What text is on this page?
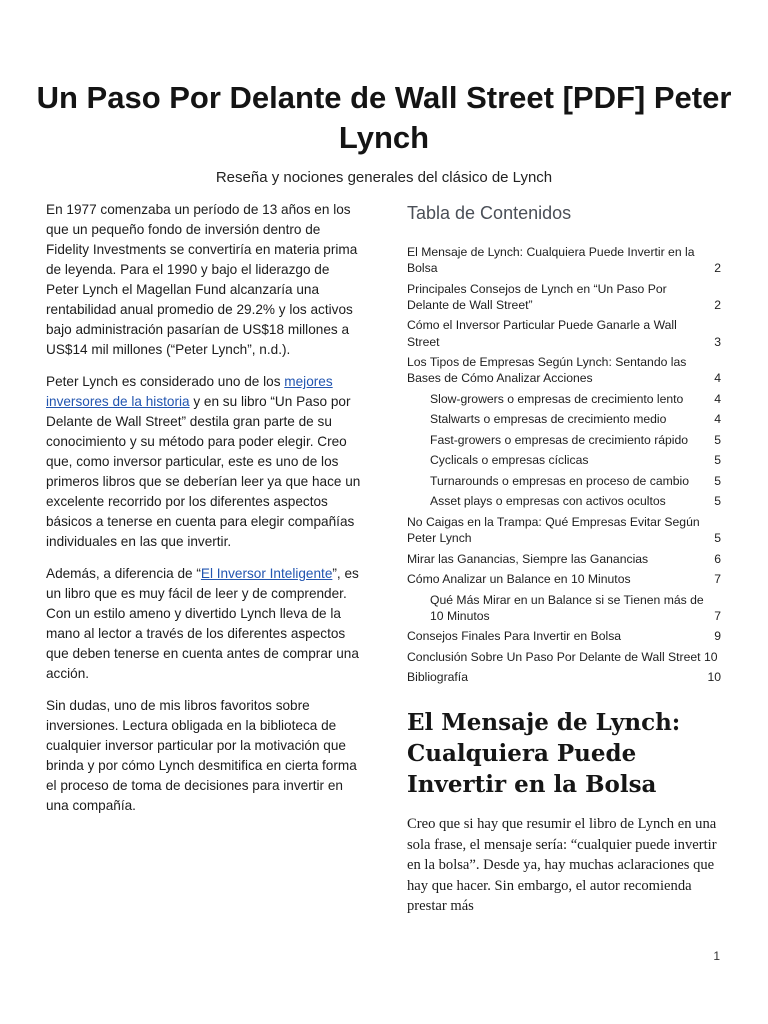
Un Paso Por Delante de Wall Street [PDF] Peter Lynch

Reseña y nociones generales del clásico de Lynch

En 1977 comenzaba un período de 13 años en los que un pequeño fondo de inversión dentro de Fidelity Investments se convertiría en materia prima de leyenda. Para el 1990 y bajo el liderazgo de Peter Lynch el Magellan Fund alcanzaría una rentabilidad anual promedio de 29.2% y los activos bajo administración pasarían de US$18 millones a US$14 mil millones (“Peter Lynch”, n.d.).

Peter Lynch es considerado uno de los mejores inversores de la historia y en su libro “Un Paso por Delante de Wall Street” destila gran parte de su conocimiento y su método para poder elegir. Creo que, como inversor particular, este es uno de los primeros libros que se deberían leer ya que hace un excelente recorrido por los diferentes aspectos básicos a tenerse en cuenta para elegir compañías individuales en las que invertir.

Además, a diferencia de “El Inversor Inteligente”, es un libro que es muy fácil de leer y de comprender. Con un estilo ameno y divertido Lynch lleva de la mano al lector a través de los diferentes aspectos que deben tenerse en cuenta antes de comprar una acción.

Sin dudas, uno de mis libros favoritos sobre inversiones. Lectura obligada en la biblioteca de cualquier inversor particular por la motivación que brinda y por cómo Lynch desmitifica en cierta forma el proceso de toma de decisiones para invertir en una compañía.

Tabla de Contenidos
El Mensaje de Lynch: Cualquiera Puede Invertir en la Bolsa	2
Principales Consejos de Lynch en “Un Paso Por Delante de Wall Street”	2
Cómo el Inversor Particular Puede Ganarle a Wall Street	3
Los Tipos de Empresas Según Lynch: Sentando las Bases de Cómo Analizar Acciones	4
Slow-growers o empresas de crecimiento lento	4
Stalwarts o empresas de crecimiento medio	4
Fast-growers o empresas de crecimiento rápido 5
Cyclicals o empresas cíclicas	5
Turnarounds o empresas en proceso de cambio 5
Asset plays o empresas con activos ocultos	5
No Caigas en la Trampa: Qué Empresas Evitar Según Peter Lynch	5
Mirar las Ganancias, Siempre las Ganancias	6
Cómo Analizar un Balance en 10 Minutos	7
Qué Más Mirar en un Balance si se Tienen más de 10 Minutos	7
Consejos Finales Para Invertir en Bolsa	9
Conclusión Sobre Un Paso Por Delante de Wall Street 10
Bibliografía	10
El Mensaje de Lynch: Cualquiera Puede Invertir en la Bolsa

Creo que si hay que resumir el libro de Lynch en una sola frase, el mensaje sería: “cualquier puede invertir en la bolsa”. Desde ya, hay muchas aclaraciones que hay que hacer. Sin embargo, el autor recomienda prestar más

1
